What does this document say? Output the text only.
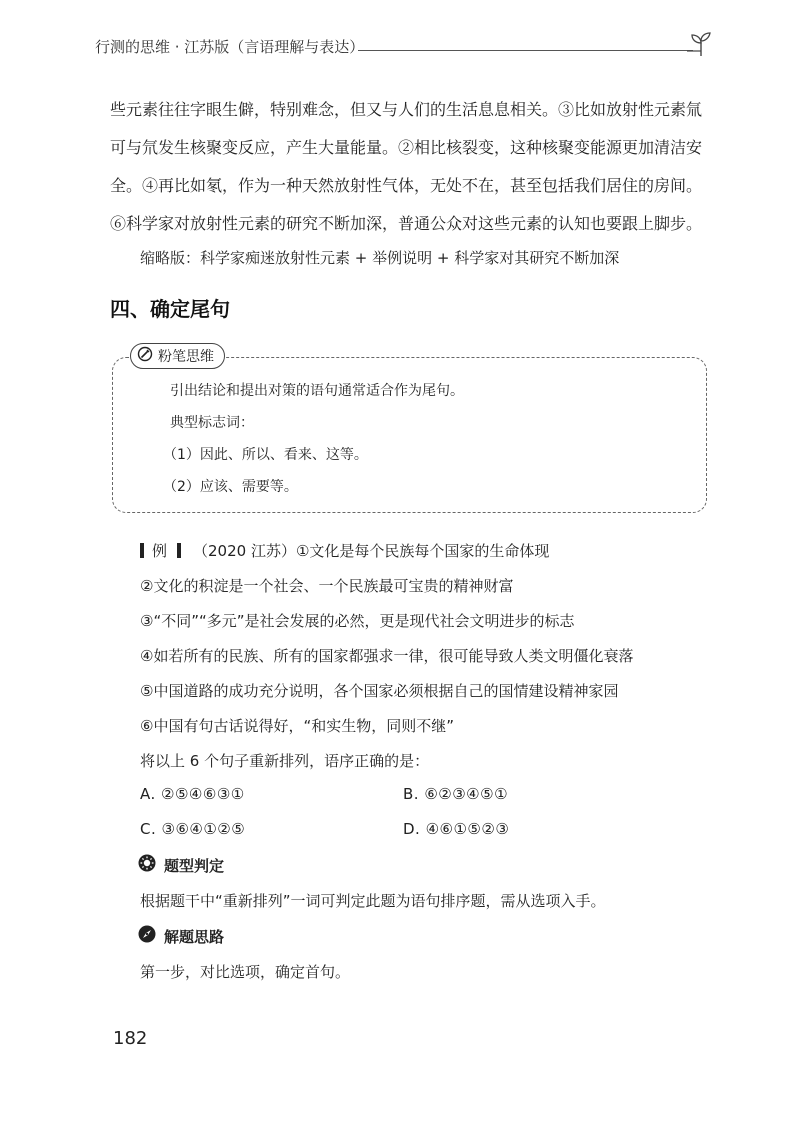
行测的思维 · 江苏版（言语理解与表达）
些元素往往字眼生僻，特别难念，但又与人们的生活息息相关。③比如放射性元素氚
可与氘发生核聚变反应，产生大量能量。②相比核裂变，这种核聚变能源更加清洁安
全。④再比如氡，作为一种天然放射性气体，无处不在，甚至包括我们居住的房间。
⑥科学家对放射性元素的研究不断加深，普通公众对这些元素的认知也要跟上脚步。
缩略版：科学家痴迷放射性元素 + 举例说明 + 科学家对其研究不断加深
四、确定尾句
粉笔思维
引出结论和提出对策的语句通常适合作为尾句。
典型标志词：
（1）因此、所以、看来、这等。
（2）应该、需要等。
例 （2020 江苏）①文化是每个民族每个国家的生命体现
②文化的积淀是一个社会、一个民族最可宝贵的精神财富
③“不同”“多元”是社会发展的必然，更是现代社会文明进步的标志
④如若所有的民族、所有的国家都强求一律，很可能导致人类文明僵化衰落
⑤中国道路的成功充分说明，各个国家必须根据自己的国情建设精神家园
⑥中国有句古话说得好，“和实生物，同则不继”
将以上 6 个句子重新排列，语序正确的是：
A. ②⑤④⑥③①	B. ⑥②③④⑤①
C. ③⑥④①②⑤	D. ④⑥①⑤②③
题型判定
根据题干中“重新排列”一词可判定此题为语句排序题，需从选项入手。
解题思路
第一步，对比选项，确定首句。
182
